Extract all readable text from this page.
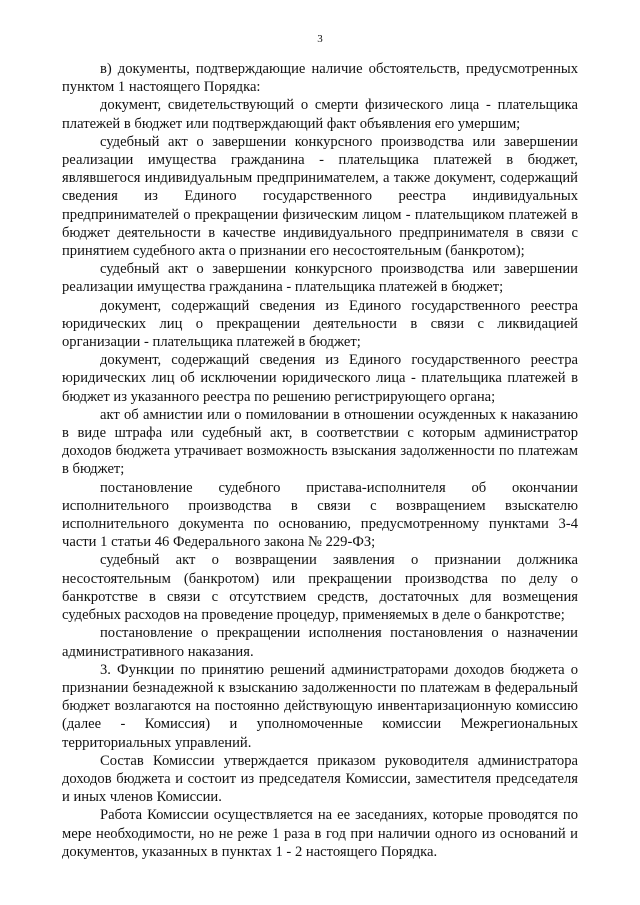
3

в) документы, подтверждающие наличие обстоятельств, предусмотренных пунктом 1 настоящего Порядка:

документ, свидетельствующий о смерти физического лица - плательщика платежей в бюджет или подтверждающий факт объявления его умершим;

судебный акт о завершении конкурсного производства или завершении реализации имущества гражданина - плательщика платежей в бюджет, являвшегося индивидуальным предпринимателем, а также документ, содержащий сведения из Единого государственного реестра индивидуальных предпринимателей о прекращении физическим лицом - плательщиком платежей в бюджет деятельности в качестве индивидуального предпринимателя в связи с принятием судебного акта о признании его несостоятельным (банкротом);

судебный акт о завершении конкурсного производства или завершении реализации имущества гражданина - плательщика платежей в бюджет;

документ, содержащий сведения из Единого государственного реестра юридических лиц о прекращении деятельности в связи с ликвидацией организации - плательщика платежей в бюджет;

документ, содержащий сведения из Единого государственного реестра юридических лиц об исключении юридического лица - плательщика платежей в бюджет из указанного реестра по решению регистрирующего органа;

акт об амнистии или о помиловании в отношении осужденных к наказанию в виде штрафа или судебный акт, в соответствии с которым администратор доходов бюджета утрачивает возможность взыскания задолженности по платежам в бюджет;

постановление судебного пристава-исполнителя об окончании исполнительного производства в связи с возвращением взыскателю исполнительного документа по основанию, предусмотренному пунктами 3-4 части 1 статьи 46 Федерального закона № 229-ФЗ;

судебный акт о возвращении заявления о признании должника несостоятельным (банкротом) или прекращении производства по делу о банкротстве в связи с отсутствием средств, достаточных для возмещения судебных расходов на проведение процедур, применяемых в деле о банкротстве;

постановление о прекращении исполнения постановления о назначении административного наказания.

3. Функции по принятию решений администраторами доходов бюджета о признании безнадежной к взысканию задолженности по платежам в федеральный бюджет возлагаются на постоянно действующую инвентаризационную комиссию (далее - Комиссия) и уполномоченные комиссии Межрегиональных территориальных управлений.

Состав Комиссии утверждается приказом руководителя администратора доходов бюджета и состоит из председателя Комиссии, заместителя председателя и иных членов Комиссии.

Работа Комиссии осуществляется на ее заседаниях, которые проводятся по мере необходимости, но не реже 1 раза в год при наличии одного из оснований и документов, указанных в пунктах 1 - 2 настоящего Порядка.
